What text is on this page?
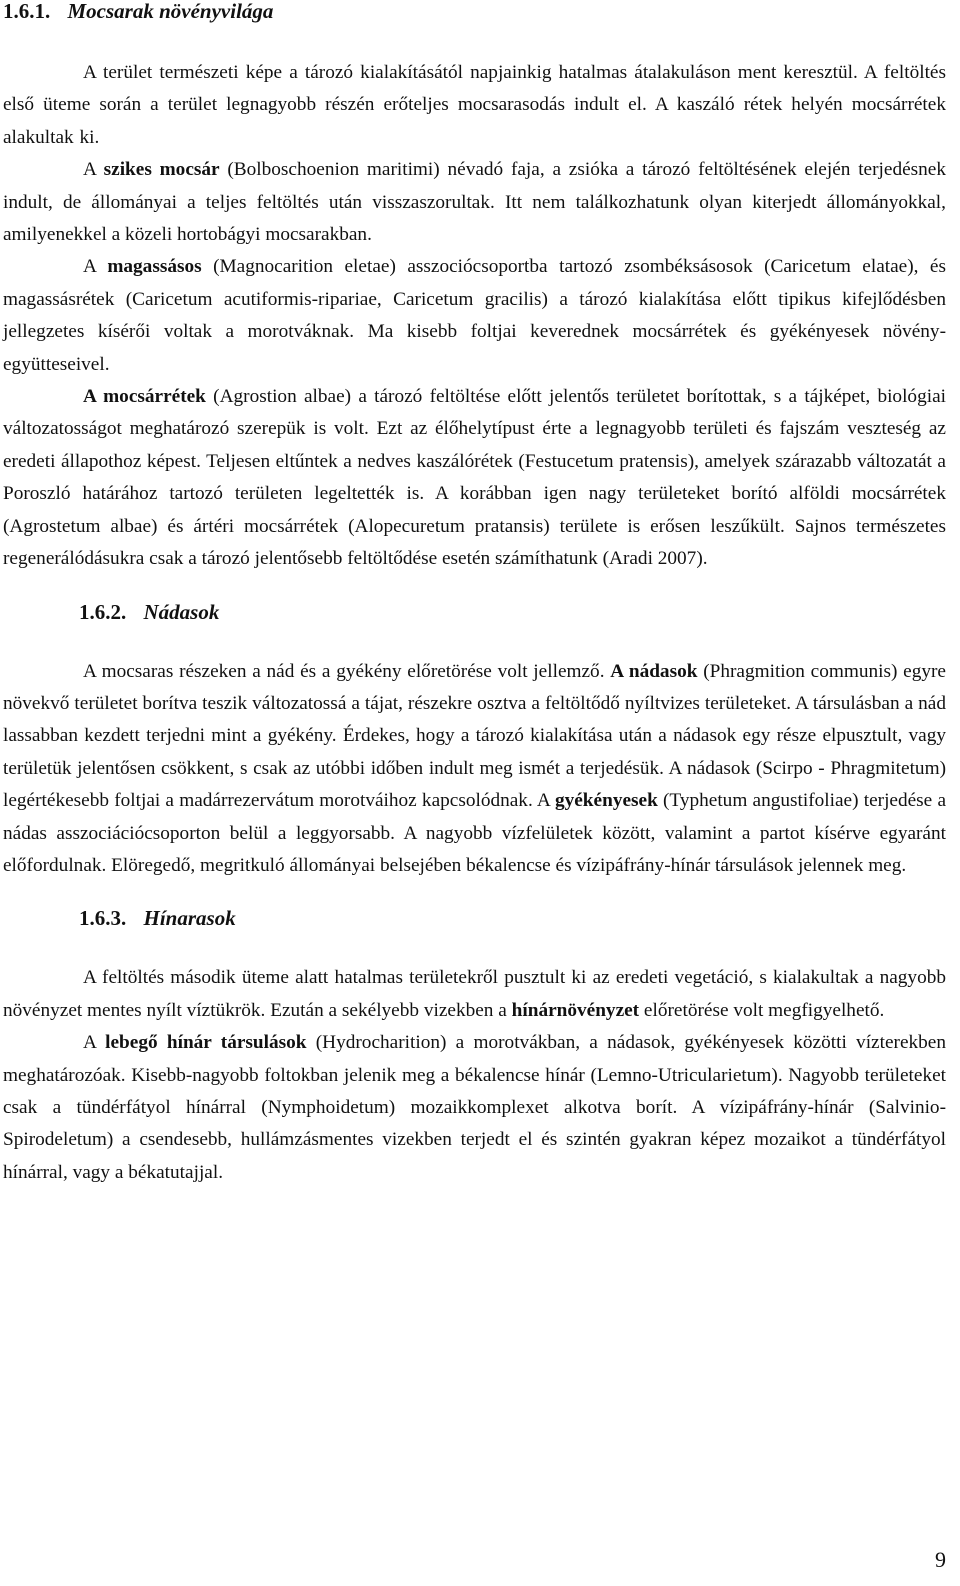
1.6.1. Mocsarak növényvilága

A terület természeti képe a tározó kialakításától napjainkig hatalmas átalakuláson ment keresztül. A feltöltés első üteme során a terület legnagyobb részén erőteljes mocsarasodás indult el. A kaszáló rétek helyén mocsárrétek alakultak ki.

A szikes mocsár (Bolboschoenion maritimi) névadó faja, a zsióka a tározó feltöltésének elején terjedésnek indult, de állományai a teljes feltöltés után visszaszorultak. Itt nem találkozhatunk olyan kiterjedt állományokkal, amilyenekkel a közeli hortobágyi mocsarakban.

A magassásos (Magnocarition eletae) asszociócsoportba tartozó zsombéksásosok (Caricetum elatae), és magassásrétek (Caricetum acutiformis-ripariae, Caricetum gracilis) a tározó kialakítása előtt tipikus kifejlődésben jellegzetes kísérői voltak a morotváknak. Ma kisebb foltjai keverednek mocsárrétek és gyékényesek növény-együtteseivel.

A mocsárrétek (Agrostion albae) a tározó feltöltése előtt jelentős területet borítottak, s a tájképet, biológiai változatosságot meghatározó szerepük is volt. Ezt az élőhelytípust érte a legnagyobb területi és fajszám veszteség az eredeti állapothoz képest. Teljesen eltűntek a nedves kaszálórétek (Festucetum pratensis), amelyek szárazabb változatát a Poroszló határához tartozó területen legeltették is. A korábban igen nagy területeket borító alföldi mocsárrétek (Agrostetum albae) és ártéri mocsárrétek (Alopecuretum pratansis) területe is erősen leszűkült. Sajnos természetes regenerálódásukra csak a tározó jelentősebb feltöltődése esetén számíthatunk (Aradi 2007).

1.6.2. Nádasok

A mocsaras részeken a nád és a gyékény előretörése volt jellemző. A nádasok (Phragmition communis) egyre növekvő területet borítva teszik változatossá a tájat, részekre osztva a feltöltődő nyíltvizes területeket. A társulásban a nád lassabban kezdett terjedni mint a gyékény. Érdekes, hogy a tározó kialakítása után a nádasok egy része elpusztult, vagy területük jelentősen csökkent, s csak az utóbbi időben indult meg ismét a terjedésük. A nádasok (Scirpo - Phragmitetum) legértékesebb foltjai a madárrezervátum morotváihoz kapcsolódnak. A gyékényesek (Typhetum angustifoliae) terjedése a nádas asszociációcsoporton belül a leggyorsabb. A nagyobb vízfelületek között, valamint a partot kísérve egyaránt előfordulnak. Elöregedő, megritkuló állományai belsejében békalencse és vízipáfrány-hínár társulások jelennek meg.

1.6.3. Hínarasok

A feltöltés második üteme alatt hatalmas területekről pusztult ki az eredeti vegetáció, s kialakultak a nagyobb növényzet mentes nyílt víztükrök. Ezután a sekélyebb vizekben a hínárnövényzet előretörése volt megfigyelhető.

A lebegő hínár társulások (Hydrocharition) a morotvákban, a nádasok, gyékényesek közötti vízterekben meghatározóak. Kisebb-nagyobb foltokban jelenik meg a békalencse hínár (Lemno-Utricularietum). Nagyobb területeket csak a tündérfátyol hínárral (Nymphoidetum) mozaikkomplexet alkotva borít. A vízipáfrány-hínár (Salvinio-Spirodeletum) a csendesebb, hullámzásmentes vizekben terjedt el és szintén gyakran képez mozaikot a tündérfátyol hínárral, vagy a békatutajjal.

9
